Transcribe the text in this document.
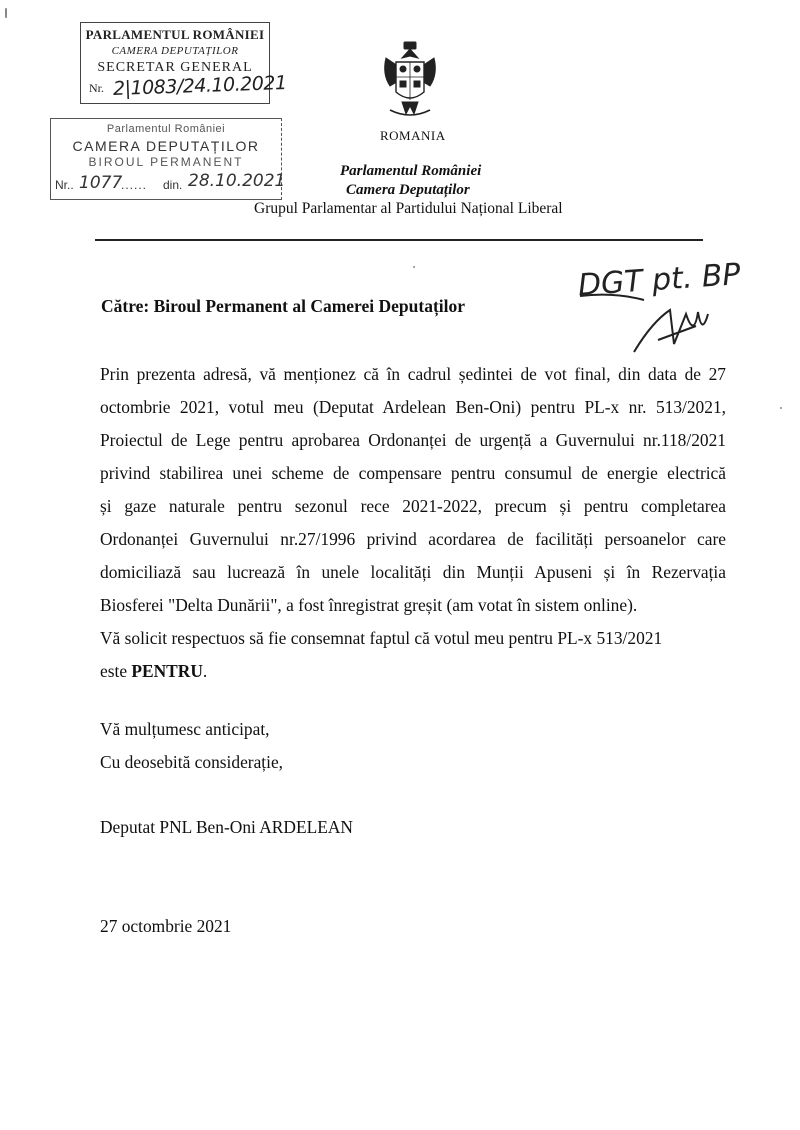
PARLAMENTUL ROMÂNIEI
CAMERA DEPUTAȚILOR
SECRETAR GENERAL
Nr. 2|1083/24.10.2021
Parlamentul României
CAMERA DEPUTAȚILOR
BIROUL PERMANENT
Nr.. 1077
...... din. 28.10.2021
ROMANIA
Parlamentul României
Camera Deputaților
Grupul Parlamentar al Partidului Național Liberal
DGT pt. BP
Către: Biroul Permanent al Camerei Deputaților
Prin prezenta adresă, vă menționez că în cadrul ședintei de vot final, din data de 27
octombrie 2021, votul meu (Deputat Ardelean Ben-Oni) pentru PL-x nr. 513/2021,
Proiectul de Lege pentru aprobarea Ordonanței de urgență a Guvernului nr.118/2021
privind stabilirea unei scheme de compensare pentru consumul de energie electrică
și gaze naturale pentru sezonul rece 2021-2022, precum și pentru completarea
Ordonanței Guvernului nr.27/1996 privind acordarea de facilități persoanelor care
domiciliază sau lucrează în unele localități din Munții Apuseni și în Rezervația
Biosferei "Delta Dunării", a fost înregistrat greșit (am votat în sistem online).
Vă solicit respectuos să fie consemnat faptul că votul meu pentru PL-x 513/2021
este PENTRU.
Vă mulțumesc anticipat,
Cu deosebită considerație,
Deputat PNL Ben-Oni ARDELEAN
27 octombrie 2021
